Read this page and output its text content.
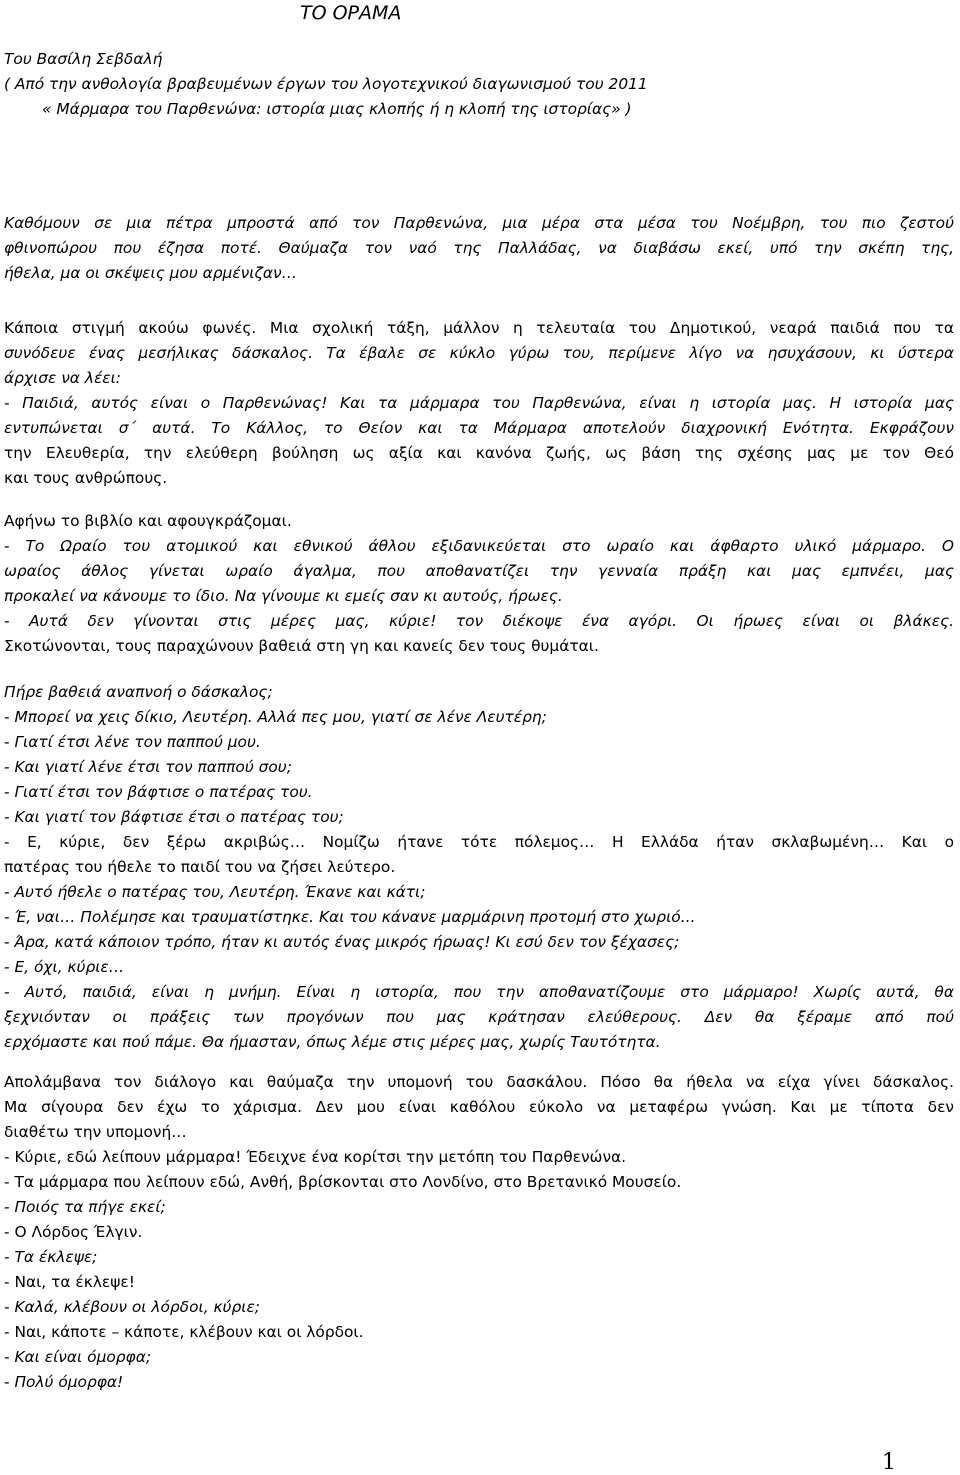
ΤΟ ΟΡΑΜΑ
Του Βασίλη Σεβδαλή
( Από την ανθολογία βραβευμένων έργων του λογοτεχνικού διαγωνισμού του 2011
« Μάρμαρα του Παρθενώνα: ιστορία μιας κλοπής ή η κλοπή της ιστορίας» )
Καθόμουν σε μια πέτρα μπροστά από τον Παρθενώνα, μια μέρα στα μέσα του Νοέμβρη, του πιο ζεστού
φθινοπώρου που έζησα ποτέ. Θαύμαζα τον ναό της Παλλάδας, να διαβάσω εκεί, υπό την σκέπη της,
ήθελα, μα οι σκέψεις μου αρμένιζαν…
Κάποια στιγμή ακούω φωνές. Μια σχολική τάξη, μάλλον η τελευταία του Δημοτικού, νεαρά παιδιά που τα
συνόδευε ένας μεσήλικας δάσκαλος. Τα έβαλε σε κύκλο γύρω του, περίμενε λίγο να ησυχάσουν, κι ύστερα
άρχισε να λέει:
- Παιδιά, αυτός είναι ο Παρθενώνας! Και τα μάρμαρα του Παρθενώνα, είναι η ιστορία μας. Η ιστορία μας
εντυπώνεται σ΄ αυτά. Το Κάλλος, το Θείον και τα Μάρμαρα αποτελούν διαχρονική Ενότητα. Εκφράζουν
την Ελευθερία, την ελεύθερη βούληση ως αξία και κανόνα ζωής, ως βάση της σχέσης μας με τον Θεό
και τους ανθρώπους.
Αφήνω το βιβλίο και αφουγκράζομαι.
- Το Ωραίο του ατομικού και εθνικού άθλου εξιδανικεύεται στο ωραίο και άφθαρτο υλικό μάρμαρο. Ο
ωραίος άθλος γίνεται ωραίο άγαλμα, που αποθανατίζει την γενναία πράξη και μας εμπνέει, μας
προκαλεί να κάνουμε το ίδιο. Να γίνουμε κι εμείς σαν κι αυτούς, ήρωες.
- Αυτά δεν γίνονται στις μέρες μας, κύριε! τον διέκοψε ένα αγόρι. Οι ήρωες είναι οι βλάκες.
Σκοτώνονται, τους παραχώνουν βαθειά στη γη και κανείς δεν τους θυμάται.
Πήρε βαθειά αναπνοή ο δάσκαλος;
- Μπορεί να χεις δίκιο, Λευτέρη. Αλλά πες μου, γιατί σε λένε Λευτέρη;
- Γιατί έτσι λένε τον παππού μου.
- Και γιατί λένε έτσι τον παππού σου;
- Γιατί έτσι τον βάφτισε ο πατέρας του.
- Και γιατί τον βάφτισε έτσι ο πατέρας του;
- Ε, κύριε, δεν ξέρω ακριβώς… Νομίζω ήτανε τότε πόλεμος… Η Ελλάδα ήταν σκλαβωμένη… Και ο
πατέρας του ήθελε το παιδί του να ζήσει λεύτερο.
- Αυτό ήθελε ο πατέρας του, Λευτέρη. Έκανε και κάτι;
- Έ, ναι… Πολέμησε και τραυματίστηκε. Και του κάνανε μαρμάρινη προτομή στο χωριό...
- Άρα, κατά κάποιον τρόπο, ήταν κι αυτός ένας μικρός ήρωας! Κι εσύ δεν τον ξέχασες;
- Ε, όχι, κύριε…
- Αυτό, παιδιά, είναι η μνήμη. Είναι η ιστορία, που την αποθανατίζουμε στο μάρμαρο! Χωρίς αυτά, θα
ξεχνιόνταν οι πράξεις των προγόνων που μας κράτησαν ελεύθερους. Δεν θα ξέραμε από πού
ερχόμαστε και πού πάμε. Θα ήμασταν, όπως λέμε στις μέρες μας, χωρίς Ταυτότητα.
Απολάμβανα τον διάλογο και θαύμαζα την υπομονή του δασκάλου. Πόσο θα ήθελα να είχα γίνει δάσκαλος.
Μα σίγουρα δεν έχω το χάρισμα. Δεν μου είναι καθόλου εύκολο να μεταφέρω γνώση. Και με τίποτα δεν
διαθέτω την υπομονή…
- Κύριε, εδώ λείπουν μάρμαρα! Έδειχνε ένα κορίτσι την μετόπη του Παρθενώνα.
- Τα μάρμαρα που λείπουν εδώ, Ανθή, βρίσκονται στο Λονδίνο, στο Βρετανικό Μουσείο.
- Ποιός τα πήγε εκεί;
- Ο Λόρδος Έλγιν.
- Τα έκλεψε;
- Ναι, τα έκλεψε!
- Καλά, κλέβουν οι λόρδοι, κύριε;
- Ναι, κάποτε – κάποτε, κλέβουν και οι λόρδοι.
- Και είναι όμορφα;
- Πολύ όμορφα!
1
